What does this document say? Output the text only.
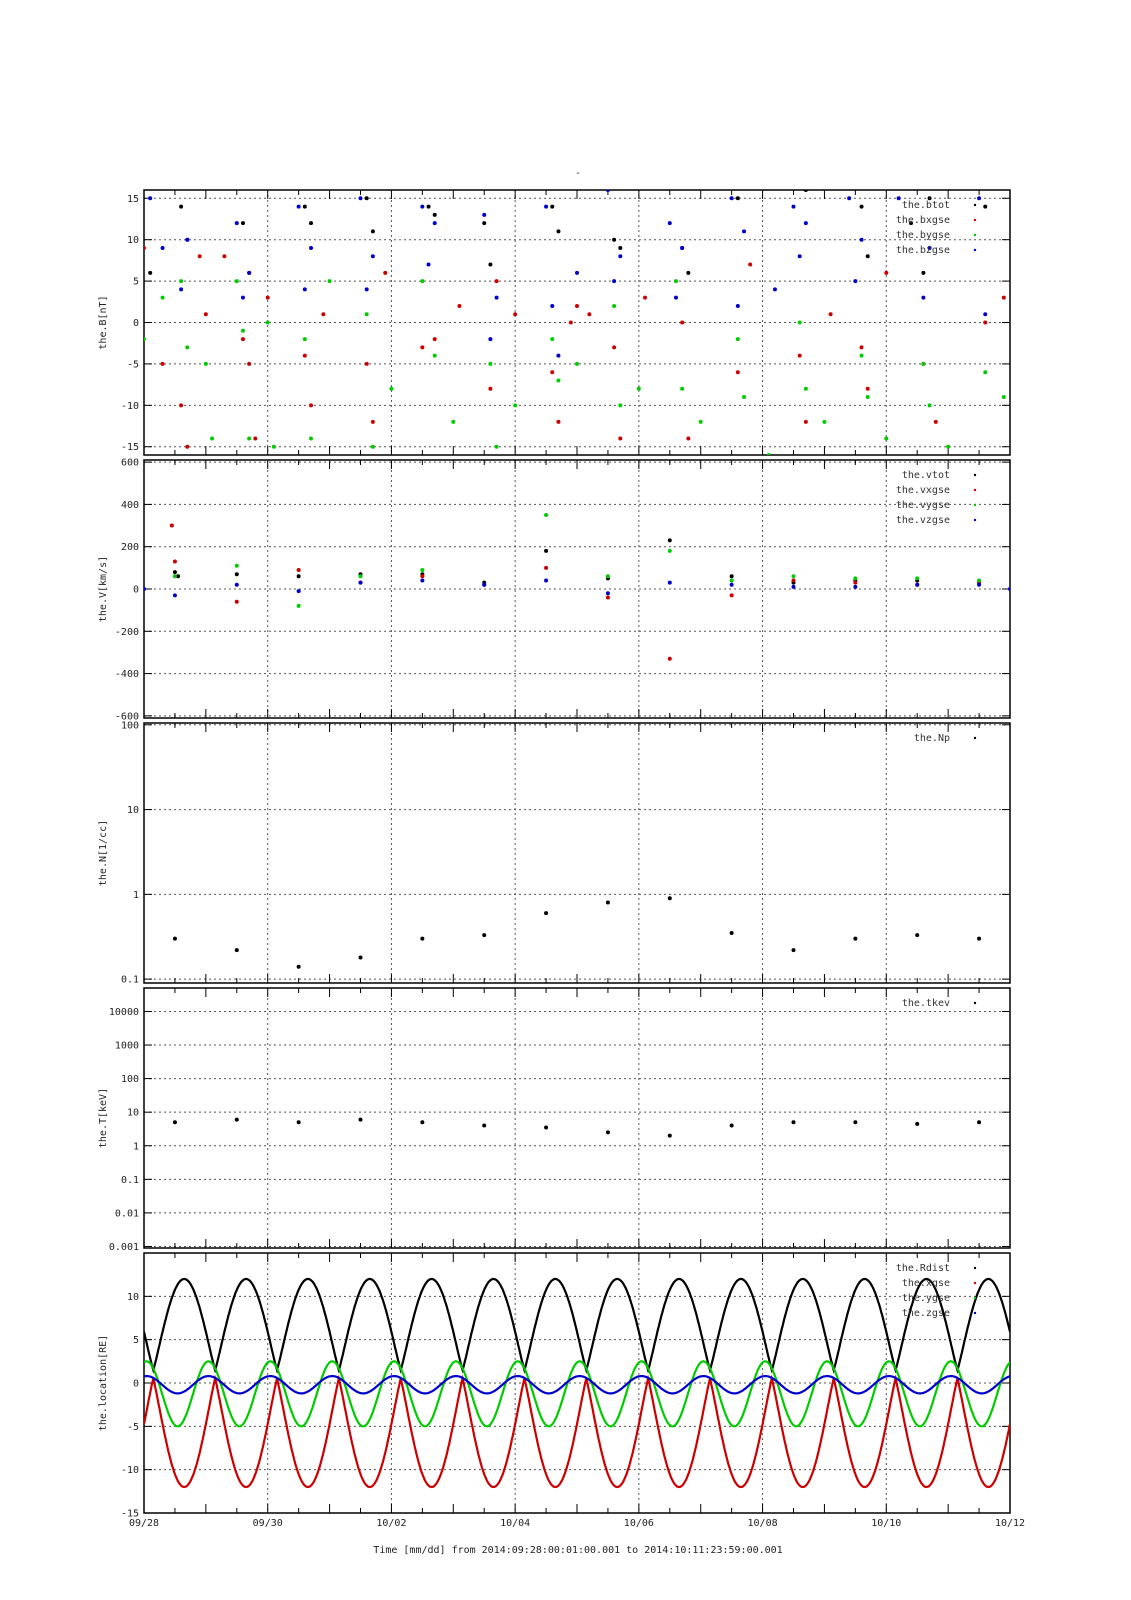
-
-15
-10
-5
0
5
10
15
the.B[nT]
the.btot
the.bxgse
the.bygse
the.bzgse
-600
-400
-200
0
200
400
600
the.V[km/s]
the.vtot
the.vxgse
the.vygse
the.vzgse
0.1
1
10
100
the.N[1/cc]
the.Np
0.001
0.01
0.1
1
10
100
1000
10000
the.T[keV]
the.tkev
-15
-10
-5
0
5
10
the.location[RE]
the.Rdist
the.xgse
the.ygse
the.zgse
09/28	09/30	10/02	10/04	10/06	10/08	10/10	10/12
Time [mm/dd] from 2014:09:28:00:01:00.001 to 2014:10:11:23:59:00.001
